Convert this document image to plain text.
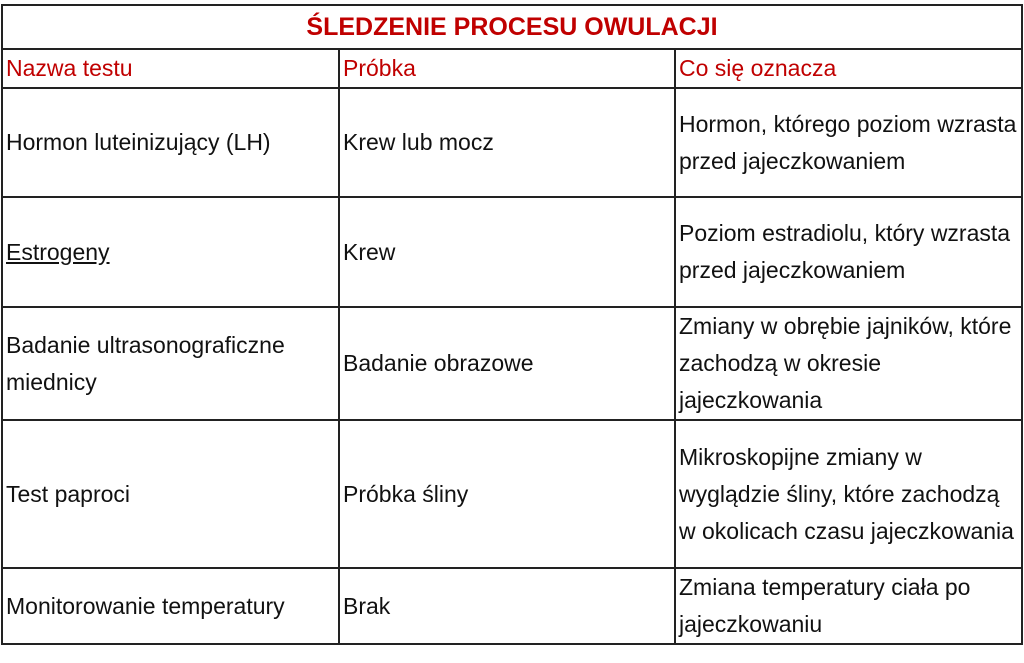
ŚLEDZENIE PROCESU OWULACJI		
Nazwa testu	Próbka	Co się oznacza
Hormon luteinizujący (LH)	Krew lub mocz	Hormon, którego poziom wzrasta przed jajeczkowaniem
Estrogeny	Krew	Poziom estradiolu, który wzrasta przed jajeczkowaniem
Badanie ultrasonograficzne miednicy	Badanie obrazowe	Zmiany w obrębie jajników, które zachodzą w okresie jajeczkowania
Test paproci	Próbka śliny	Mikroskopijne zmiany w wyglądzie śliny, które zachodzą w okolicach czasu jajeczkowania
Monitorowanie temperatury	Brak	Zmiana temperatury ciała po jajeczkowaniu
